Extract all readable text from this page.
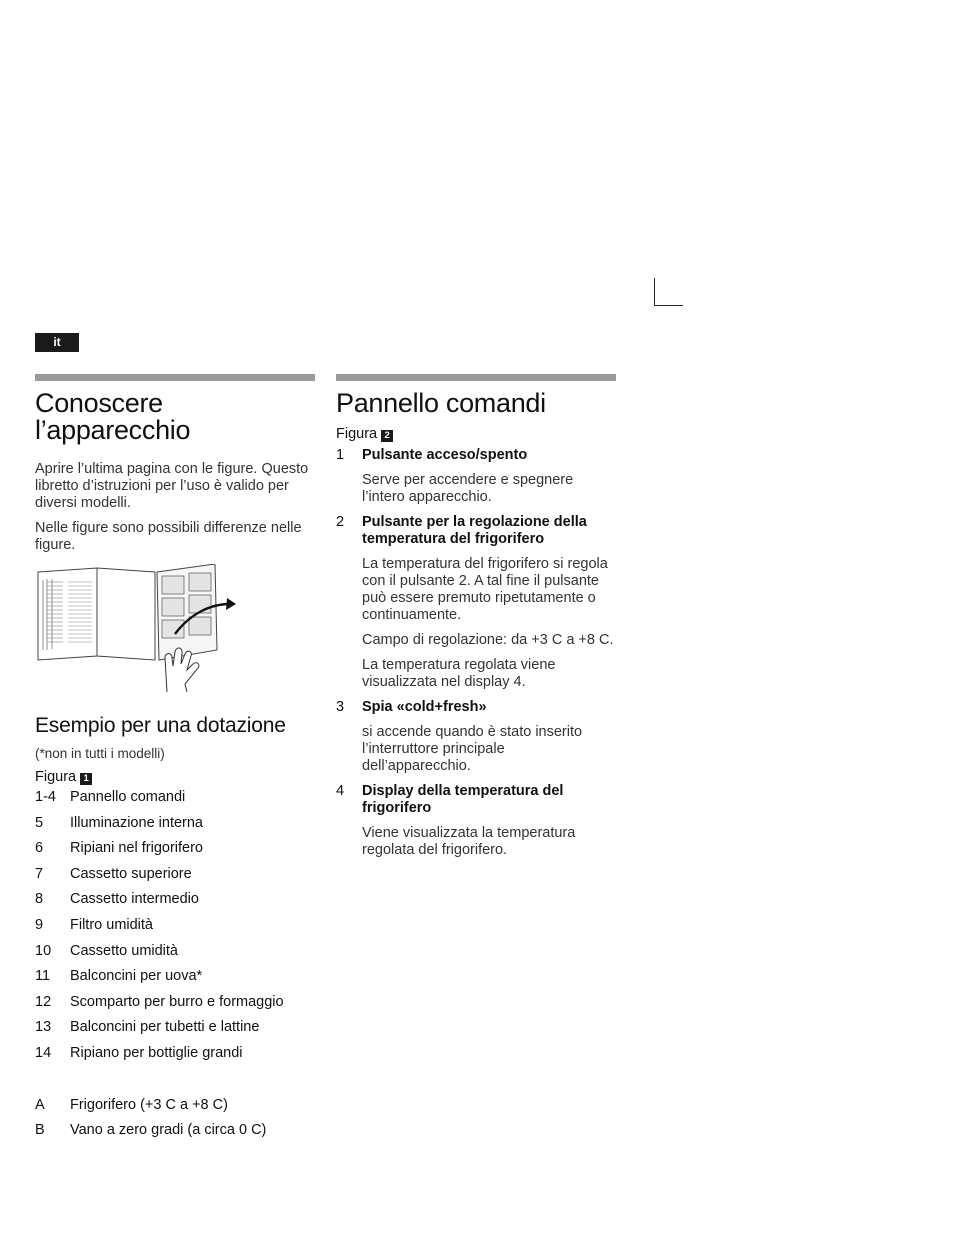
it
Conoscere l’apparecchio

Aprire l’ultima pagina con le figure. Questo libretto d’istruzioni per l’uso è valido per diversi modelli.

Nelle figure sono possibili differenze nelle figure.

Esempio per una dotazione
(*non in tutti i modelli)
Figura 1
1-4 Pannello comandi
5	Illuminazione interna
6	Ripiani nel frigorifero
7	Cassetto superiore
8	Cassetto intermedio
9	Filtro umidità
10	Cassetto umidità
11	Balconcini per uova*
12	Scomparto per burro e formaggio
13	Balconcini per tubetti e lattine
14	Ripiano per bottiglie grandi
A	Frigorifero (+3 C a +8 C)
B	Vano a zero gradi (a circa 0 C)
Pannello comandi
Figura 2
1	Pulsante acceso/spento

Serve per accendere e spegnere l’intero apparecchio.

2	Pulsante per la regolazione della temperatura del frigorifero

La temperatura del frigorifero si regola con il pulsante 2. A tal fine il pulsante può essere premuto ripetutamente o continuamente.

Campo di regolazione: da +3 C a +8 C.

La temperatura regolata viene visualizzata nel display 4.

3	Spia «cold+fresh»

si accende quando è stato inserito l’interruttore principale dell’apparecchio.

4	Display della temperatura del frigorifero

Viene visualizzata la temperatura regolata del frigorifero.
